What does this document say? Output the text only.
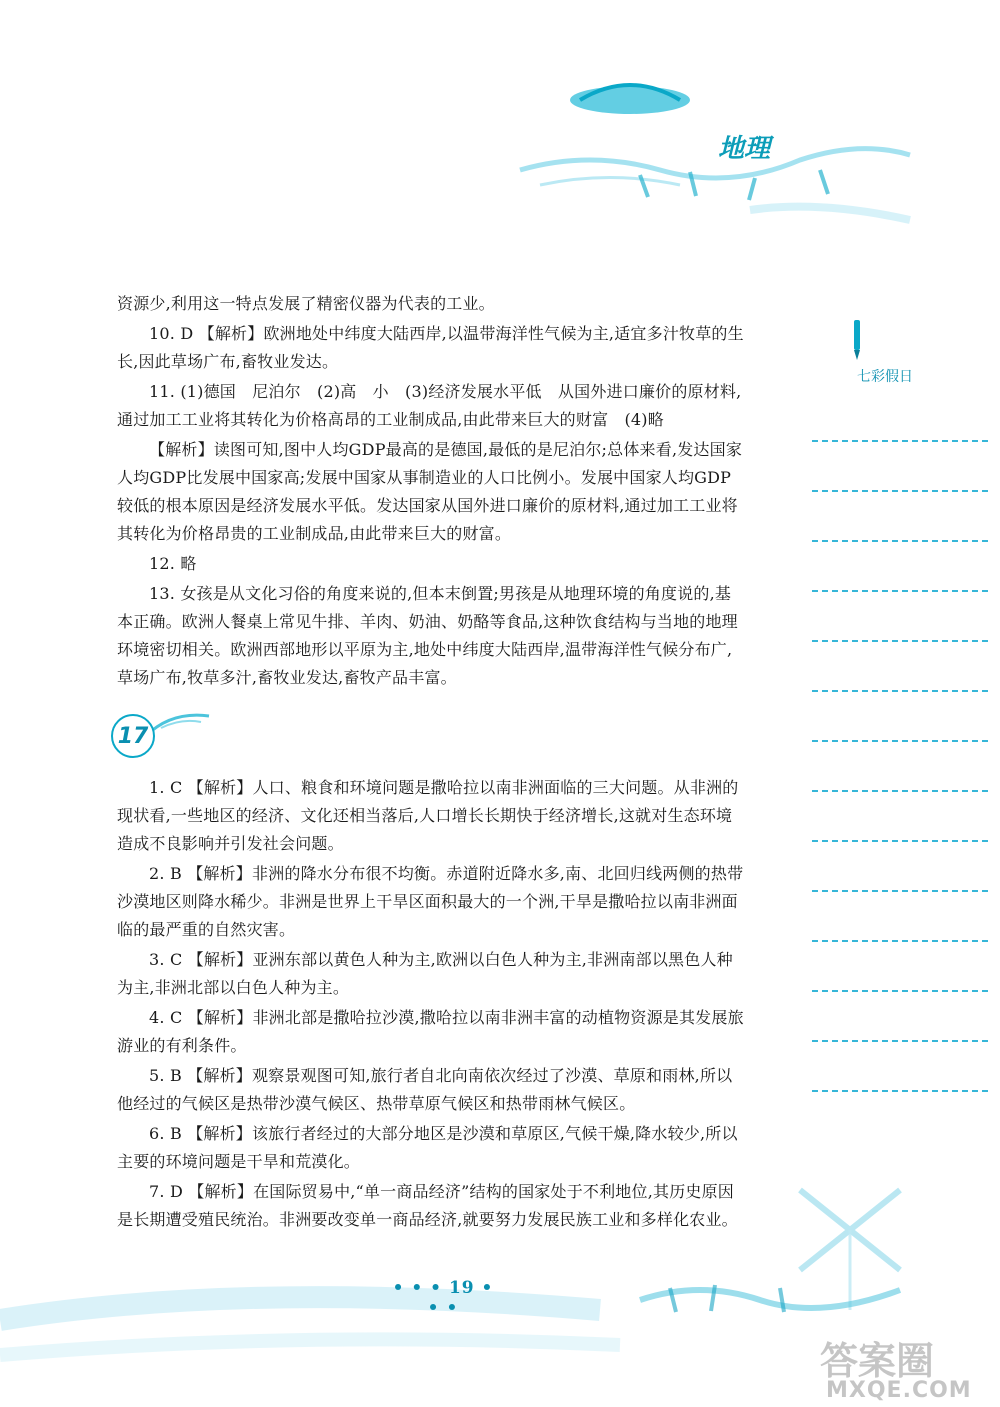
地理

资源少,利用这一特点发展了精密仪器为代表的工业。

10. D 【解析】欧洲地处中纬度大陆西岸,以温带海洋性气候为主,适宜多汁牧草的生长,因此草场广布,畜牧业发达。

11. (1)德国　尼泊尔　(2)高　小　(3)经济发展水平低　从国外进口廉价的原材料,通过加工工业将其转化为价格高昂的工业制成品,由此带来巨大的财富　(4)略

【解析】读图可知,图中人均GDP最高的是德国,最低的是尼泊尔;总体来看,发达国家人均GDP比发展中国家高;发展中国家从事制造业的人口比例小。发展中国家人均GDP较低的根本原因是经济发展水平低。发达国家从国外进口廉价的原材料,通过加工工业将其转化为价格昂贵的工业制成品,由此带来巨大的财富。

12. 略

13. 女孩是从文化习俗的角度来说的,但本末倒置;男孩是从地理环境的角度说的,基本正确。欧洲人餐桌上常见牛排、羊肉、奶油、奶酪等食品,这种饮食结构与当地的地理环境密切相关。欧洲西部地形以平原为主,地处中纬度大陆西岸,温带海洋性气候分布广,草场广布,牧草多汁,畜牧业发达,畜牧产品丰富。

17

1. C 【解析】人口、粮食和环境问题是撒哈拉以南非洲面临的三大问题。从非洲的现状看,一些地区的经济、文化还相当落后,人口增长长期快于经济增长,这就对生态环境造成不良影响并引发社会问题。

2. B 【解析】非洲的降水分布很不均衡。赤道附近降水多,南、北回归线两侧的热带沙漠地区则降水稀少。非洲是世界上干旱区面积最大的一个洲,干旱是撒哈拉以南非洲面临的最严重的自然灾害。

3. C 【解析】亚洲东部以黄色人种为主,欧洲以白色人种为主,非洲南部以黑色人种为主,非洲北部以白色人种为主。

4. C 【解析】非洲北部是撒哈拉沙漠,撒哈拉以南非洲丰富的动植物资源是其发展旅游业的有利条件。

5. B 【解析】观察景观图可知,旅行者自北向南依次经过了沙漠、草原和雨林,所以他经过的气候区是热带沙漠气候区、热带草原气候区和热带雨林气候区。

6. B 【解析】该旅行者经过的大部分地区是沙漠和草原区,气候干燥,降水较少,所以主要的环境问题是干旱和荒漠化。

7. D 【解析】在国际贸易中,“单一商品经济”结构的国家处于不利地位,其历史原因是长期遭受殖民统治。非洲要改变单一商品经济,就要努力发展民族工业和多样化农业。

七彩假日
• • • 19 • • •
答案圈
MXQE.COM
